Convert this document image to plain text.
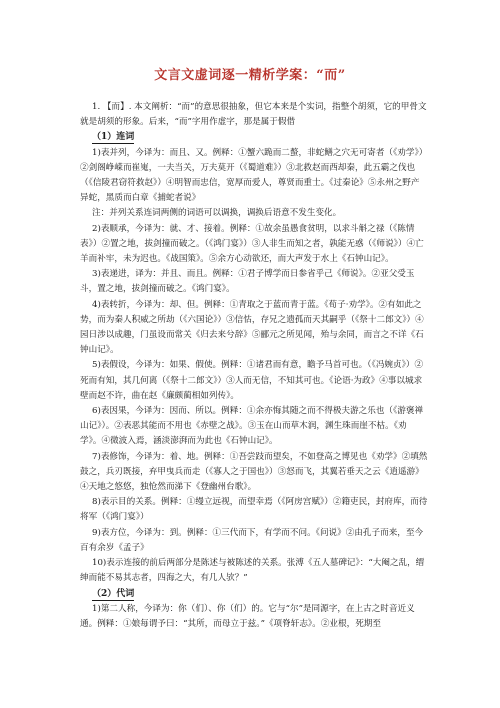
文言文虚词逐一精析学案：“而”

1. 【而】. 本文阐析：“而”的意思很抽象，但它本来是个实词，指整个胡须，它的甲骨文就是胡须的形象。后来，“而”字用作虚字，那是属于假借

（1）连词

1)表并列，今译为：而且、又。例释：①蟹六跪而二螯，非蛇鳝之穴无可寄者（《劝学》）②剑阁峥嵘而崔嵬，一夫当关，万夫莫开（《蜀道难》）③北救赵而西却秦，此五霸之伐也（《信陵君窃符救赵》）④明智而忠信，宽厚而爱人，尊贤而重士。《过秦论》⑤永州之野产异蛇，黑质而白章《捕蛇者说》

注：并列关系连词两侧的词语可以调换，调换后语意不发生变化。

2)表顺承，今译为：就、才、接着。例释：①故余虽愚食贫明，以求斗斛之禄（《陈情表》）②置之地，拔剑撞而破之。（《鸿门宴》）③人非生而知之者，孰能无惑（《师说》）④亡羊而补牢，未为迟也。《战国策》。⑤余方心动欲还，而大声发于水上《石钟山记》。

3)表递进，译为：并且、而且。例释：①君子博学而日参省乎己《师说》。②亚父受玉斗，置之地，拔剑撞而破之。《鸿门宴》。

4)表转折，今译为：却、但。例释：①青取之于蓝而青于蓝。《荀子·劝学》。②有如此之势，而为秦人积威之所劫（《六国论》）③信怙，存兄之遗孤而天其嗣乎（《祭十二郎文》）④园日涉以成趣，门虽设而常关《归去来兮辞》⑤郦元之所见闻，殆与余同，而言之不详《石钟山记》。

5)表假设，今译为：如果、假使。例释：①诸君而有意，瞻予马首可也。（《冯婉贞》）②死而有知，其几何离（《祭十二郎文》）③人而无信，不知其可也。《论语·为政》④事以城求壁而赵不许，曲在赵《廉颇蔺相如列传》。

6)表因果，今译为：因而、所以。例释：①余亦悔其随之而不得极夫游之乐也（《游褒禅山记》）。②表恶其能而不用也《赤壁之战》。③玉在山而草木润，渊生珠而崖不枯。《劝学》。④微波入焉，涵淡澎湃而为此也《石钟山记》。

7)表修饰，今译为：着、地。例释：①吾尝跂而望矣，不如登高之博见也《劝学》②填然鼓之，兵刃既接，弃甲曳兵而走（《寡人之于国也》）③怒而飞，其翼若垂天之云《逍遥游》④天地之悠悠，独怆然而涕下《登幽州台歌》。

8)表示目的关系。例释：①缦立远视，而望幸焉（《阿房宫赋》）②籍吏民，封府库，而待将军（《鸿门宴》）

9)表方位，今译为：到。例释：①三代而下，有学而不问。《问说》②由孔子而来，至今百有余岁《孟子》

10)表示连接的前后两部分是陈述与被陈述的关系。张溥《五人墓碑记》：“大阉之乱，缙绅而能不易其志者，四海之大，有几人欤？”

（2）代词

1)第二人称，今译为：你（们）、你（们）的。它与“尔”是同源字，在上古之时音近义通。例释：①娘每谓予曰：“其所，而母立于兹。”《项脊轩志》。②业根，死期至
